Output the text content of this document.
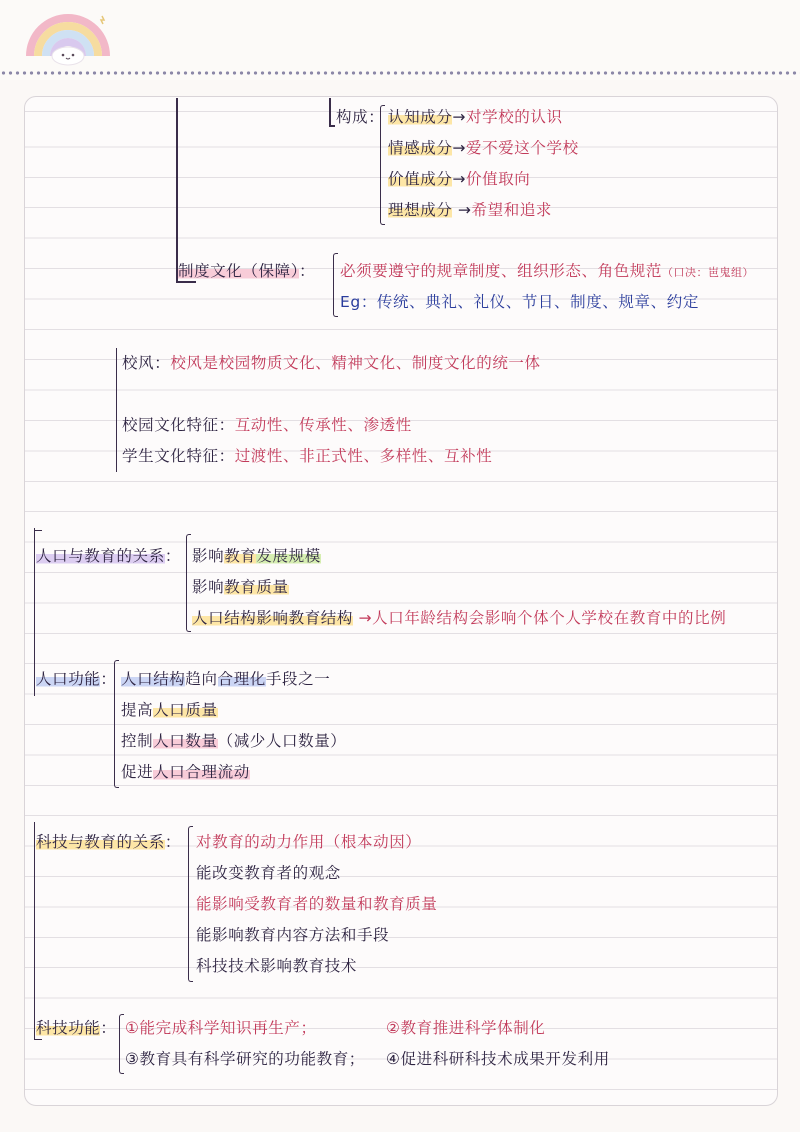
构成： 认知成分→对学校的认识
情感成分→爱不爱这个学校
价值成分→价值取向
理想成分 →希望和追求
制度文化（保障）： 必须要遵守的规章制度、组织形态、角色规范（口决：岜鬼组）
Eg：传统、典礼、礼仪、节日、制度、规章、约定
校风：校风是校园物质文化、精神文化、制度文化的统一体
校园文化特征：互动性、传承性、渗透性
学生文化特征：过渡性、非正式性、多样性、互补性
人口与教育的关系： 影响教育发展规模
影响教育质量
人口结构影响教育结构 →人口年龄结构会影响个体个人学校在教育中的比例
人口功能： 人口结构趋向合理化手段之一
提高人口质量
控制人口数量（减少人口数量）
促进人口合理流动
科技与教育的关系： 对教育的动力作用（根本动因）
能改变教育者的观念
能影响受教育者的数量和教育质量
能影响教育内容方法和手段
科技技术影响教育技术
科技功能： ①能完成科学知识再生产；	②教育推进科学体制化
③教育具有科学研究的功能教育； ④促进科研科技术成果开发利用
